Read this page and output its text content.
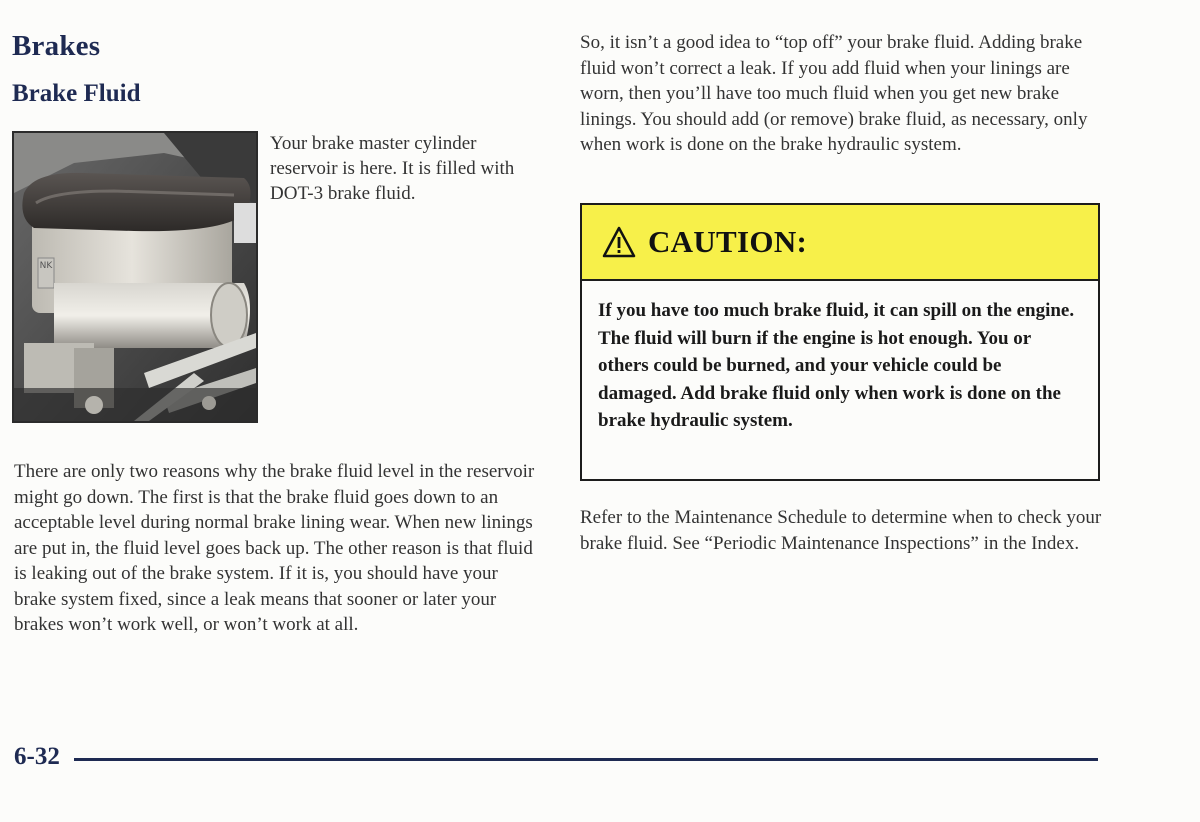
Brakes
Brake Fluid
NK

Your brake master cylinder reservoir is here. It is filled with DOT-3 brake fluid.

There are only two reasons why the brake fluid level in the reservoir might go down. The first is that the brake fluid goes down to an acceptable level during normal brake lining wear. When new linings are put in, the fluid level goes back up. The other reason is that fluid is leaking out of the brake system. If it is, you should have your brake system fixed, since a leak means that sooner or later your brakes won’t work well, or won’t work at all.

So, it isn’t a good idea to “top off” your brake fluid. Adding brake fluid won’t correct a leak. If you add fluid when your linings are worn, then you’ll have too much fluid when you get new brake linings. You should add (or remove) brake fluid, as necessary, only when work is done on the brake hydraulic system.

CAUTION:

If you have too much brake fluid, it can spill on the engine. The fluid will burn if the engine is hot enough. You or others could be burned, and your vehicle could be damaged. Add brake fluid only when work is done on the brake hydraulic system.

Refer to the Maintenance Schedule to determine when to check your brake fluid. See “Periodic Maintenance Inspections” in the Index.

6-32
